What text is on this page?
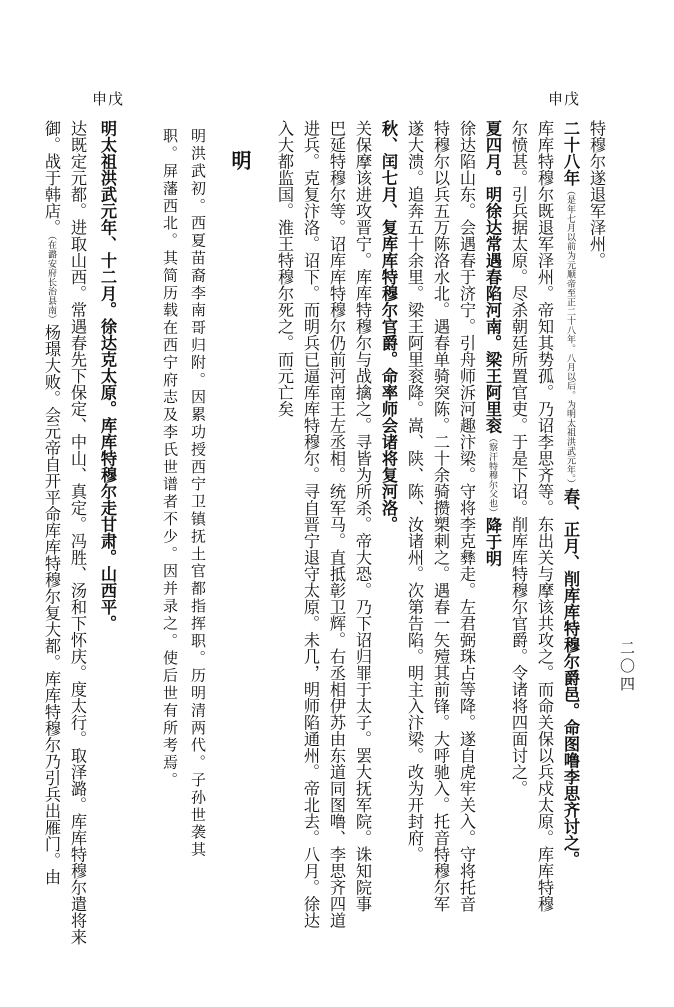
二〇四
申戊
申戊
明	特穆尔遂退军泽州。
二十八年（是年七月以前为元顺帝至正二十八年。八月以后。为明太祖洪武元年。）春、正月、削库库特穆尔爵邑。命图噜李思齐讨之。
库库特穆尔既退军泽州。帝知其势孤。乃诏李思齐等。东出关与摩该共攻之。而命关保以兵戍太原。库库特穆
尔愤甚。引兵据太原。尽杀朝廷所置官吏。于是下诏。削库库特穆尔官爵。令诸将四面讨之。
夏四月。明徐达常遇春陷河南。梁王阿里衮（察汗特穆尔父也）降于明
徐达陷山东。会遇春于济宁。引舟师泝河趣汴梁。守将李克彝走。左君弼珠占等降。遂自虎牢关入。守将托音
特穆尔以兵五万陈洛水北。遇春单骑突陈。二十余骑攒槊刺之。遇春一矢殪其前锋。大呼驰入。托音特穆尔军
遂大溃。追奔五十余里。梁王阿里衮降。嵩、陕、陈、汝诸州。次第告陷。明主入汴梁。改为开封府。
秋、闰七月、复库库特穆尔官爵。命率师会诸将复河洛。
关保摩该进攻晋宁。库库特穆尔与战擒之。寻皆为所杀。帝大恐。乃下诏归罪于太子。罢大抚军院。诛知院事
巴延特穆尔等。诏库库特穆尔仍前河南王左丞相。统军马。直抵彰卫辉。右丞相伊苏由东道同图噜、李思齐四道
进兵。克复汴洛。诏下。而明兵已逼库库特穆尔。寻自晋宁退守太原。未几，明师陷通州。帝北去。八月。徐达
入大都监国。淮王特穆尔死之。而元亡矣
明洪武初。西夏苗裔李南哥归附。因累功授西宁卫镇抚土官都指挥职。历明清两代。子孙世袭其
职。屏藩西北。其简历载在西宁府志及李氏世谱者不少。因并录之。使后世有所考焉。
明太祖洪武元年、十二月。徐达克太原。库库特穆尔走甘肃。山西平。
达既定元都。进取山西。常遇春先下保定、中山、真定。冯胜、汤和下怀庆。度太行。取泽潞。库库特穆尔遣将来
御。战于韩店。（在潞安府长治县南）杨璟大败。会元帝自开平命库库特穆尔复大都。库库特穆尔乃引兵出雁门。由
